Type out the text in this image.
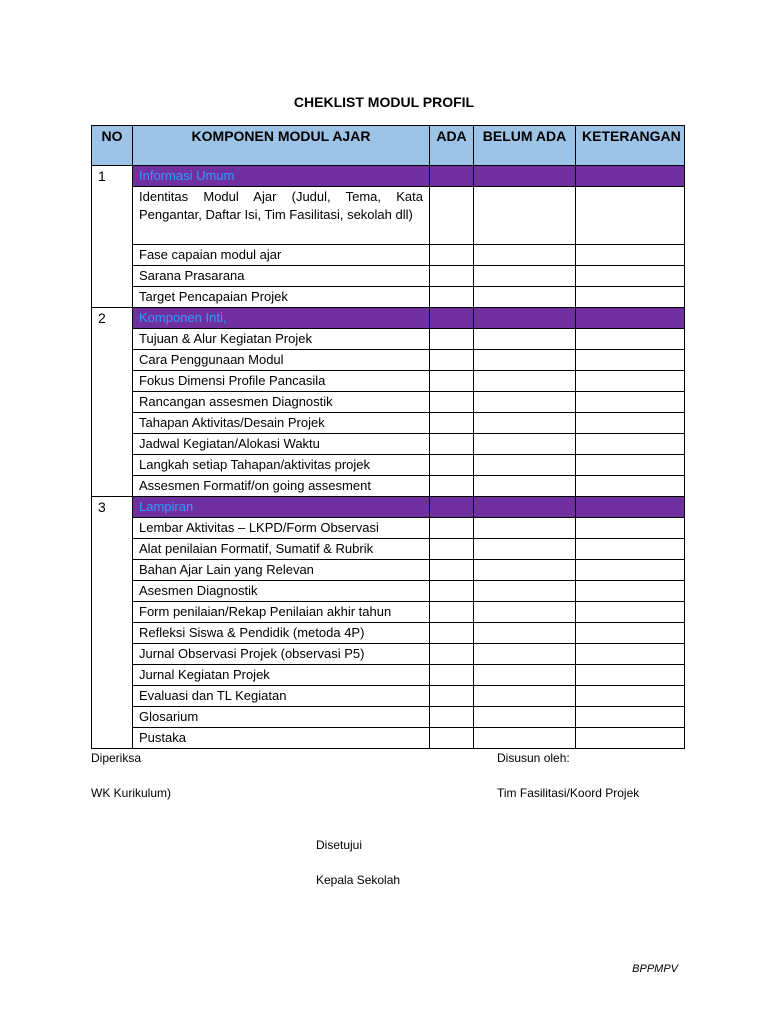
CHEKLIST MODUL PROFIL
NO	KOMPONEN MODUL AJAR	ADA	BELUM ADA	KETERANGAN
1	Informasi Umum			
	Identitas Modul Ajar (Judul, Tema, Kata Pengantar, Daftar Isi, Tim Fasilitasi, sekolah dll)			
	Fase capaian modul ajar			
	Sarana Prasarana			
	Target Pencapaian Projek			
2	Komponen Inti,			
	Tujuan & Alur Kegiatan Projek			
	Cara Penggunaan Modul			
	Fokus Dimensi Profile Pancasila			
	Rancangan assesmen Diagnostik			
	Tahapan Aktivitas/Desain Projek			
	Jadwal Kegiatan/Alokasi Waktu			
	Langkah setiap Tahapan/aktivitas projek			
	Assesmen Formatif/on going assesment			
3	Lampiran			
	Lembar Aktivitas – LKPD/Form Observasi			
	Alat penilaian Formatif, Sumatif & Rubrik			
	Bahan Ajar Lain yang Relevan			
	Asesmen Diagnostik			
	Form penilaian/Rekap Penilaian akhir tahun			
	Refleksi Siswa & Pendidik (metoda 4P)			
	Jurnal Observasi Projek (observasi P5)			
	Jurnal Kegiatan Projek			
	Evaluasi dan TL Kegiatan			
	Glosarium			
	Pustaka			
Diperiksa
WK Kurikulum)
Disusun oleh:
Tim Fasilitasi/Koord Projek
Disetujui
Kepala Sekolah
BPPMPV
